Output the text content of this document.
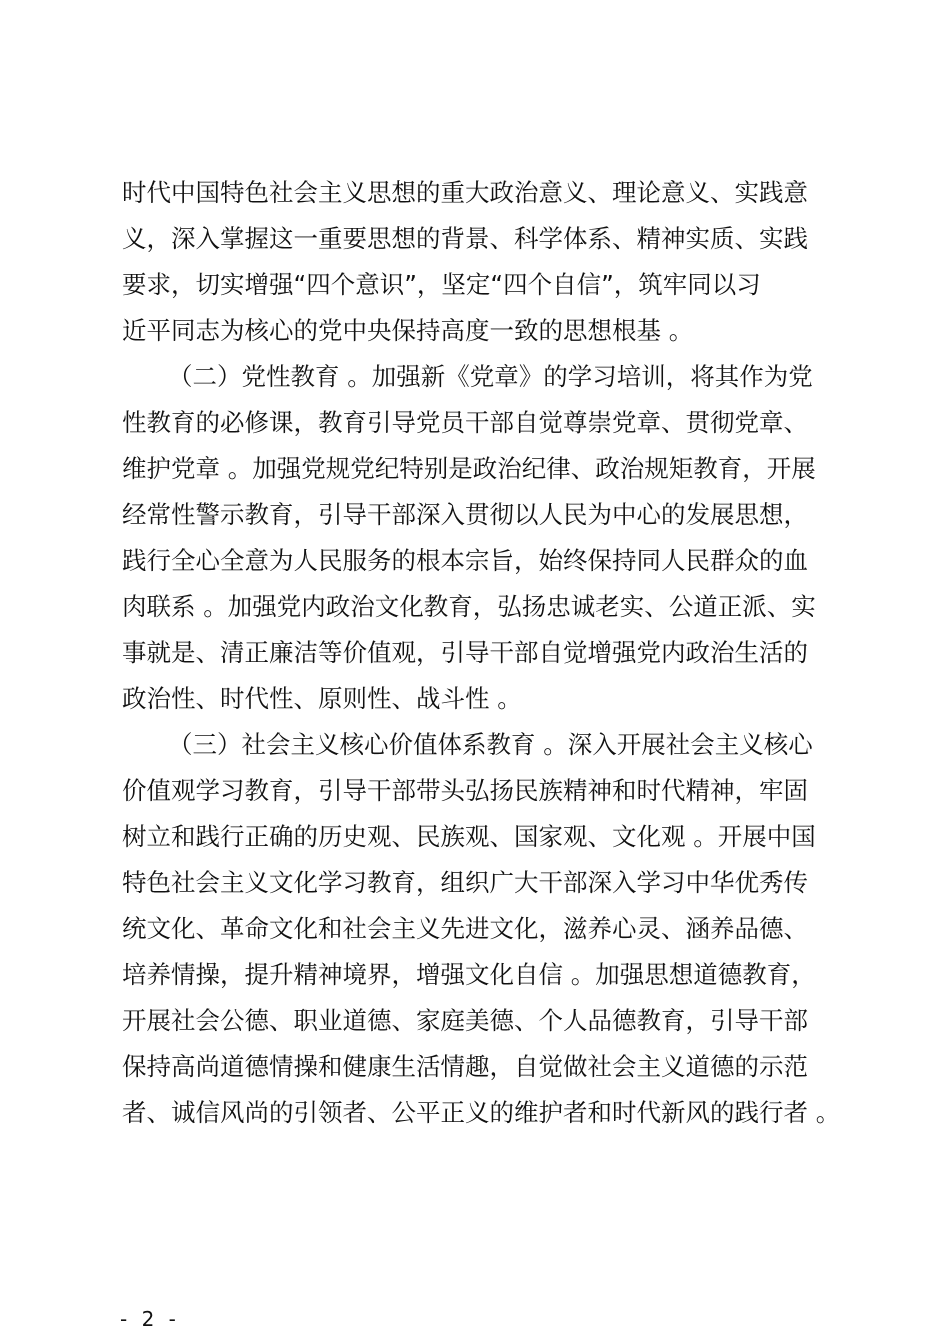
时代中国特色社会主义思想的重大政治意义、理论意义、实践意
义，深入掌握这一重要思想的背景、科学体系、精神实质、实践
要求，切实增强“四个意识”，坚定“四个自信”，筑牢同以习
近平同志为核心的党中央保持高度一致的思想根基 。
（二）党性教育 。加强新《党章》的学习培训，将其作为党
性教育的必修课，教育引导党员干部自觉尊崇党章、贯彻党章、
维护党章 。加强党规党纪特别是政治纪律、政治规矩教育，开展
经常性警示教育，引导干部深入贯彻以人民为中心的发展思想，
践行全心全意为人民服务的根本宗旨，始终保持同人民群众的血
肉联系 。加强党内政治文化教育，弘扬忠诚老实、公道正派、实
事就是、清正廉洁等价值观，引导干部自觉增强党内政治生活的
政治性、时代性、原则性、战斗性 。
（三）社会主义核心价值体系教育 。深入开展社会主义核心
价值观学习教育，引导干部带头弘扬民族精神和时代精神，牢固
树立和践行正确的历史观、民族观、国家观、文化观 。开展中国
特色社会主义文化学习教育，组织广大干部深入学习中华优秀传
统文化、革命文化和社会主义先进文化，滋养心灵、涵养品德、
培养情操，提升精神境界，增强文化自信 。加强思想道德教育，
开展社会公德、职业道德、家庭美德、个人品德教育，引导干部
保持高尚道德情操和健康生活情趣，自觉做社会主义道德的示范
者、诚信风尚的引领者、公平正义的维护者和时代新风的践行者 。
- 2 -
